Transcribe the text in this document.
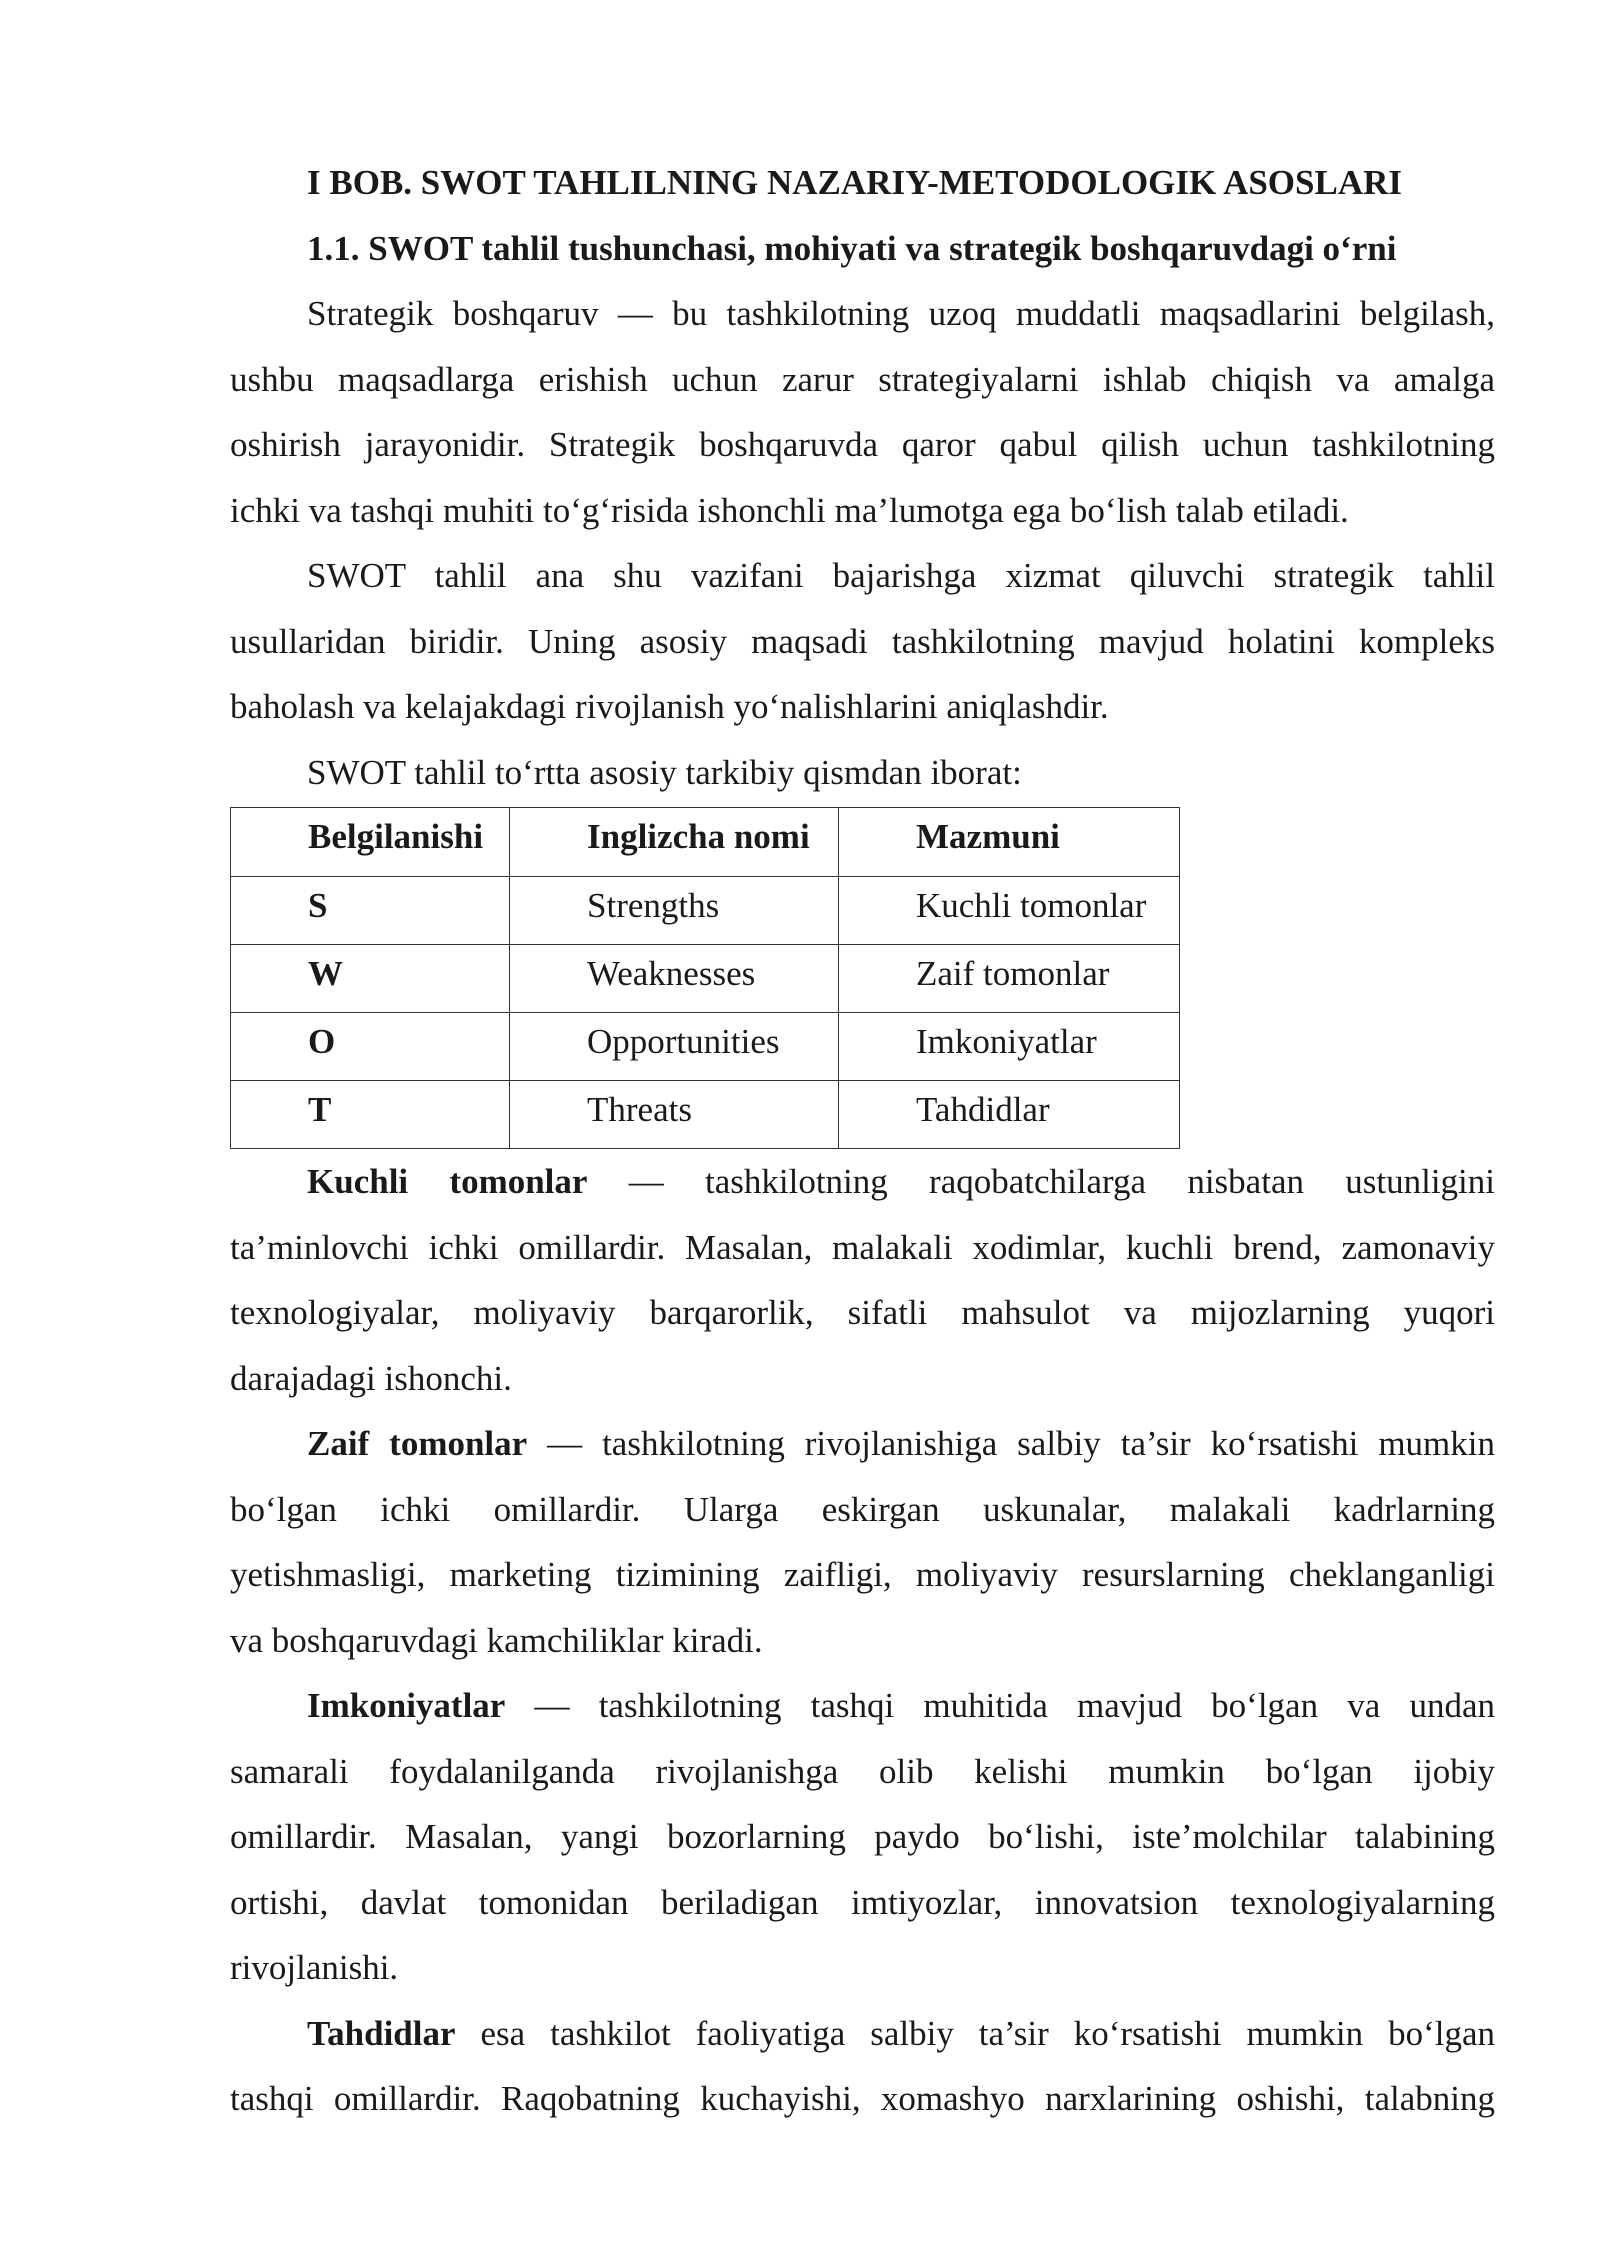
I BOB. SWOT TAHLILNING NAZARIY-METODOLOGIK ASOSLARI
1.1. SWOT tahlil tushunchasi, mohiyati va strategik boshqaruvdagi o‘rni
Strategik boshqaruv — bu tashkilotning uzoq muddatli maqsadlarini belgilash,
ushbu maqsadlarga erishish uchun zarur strategiyalarni ishlab chiqish va amalga
oshirish jarayonidir. Strategik boshqaruvda qaror qabul qilish uchun tashkilotning
ichki va tashqi muhiti to‘g‘risida ishonchli ma’lumotga ega bo‘lish talab etiladi.
SWOT tahlil ana shu vazifani bajarishga xizmat qiluvchi strategik tahlil
usullaridan biridir. Uning asosiy maqsadi tashkilotning mavjud holatini kompleks
baholash va kelajakdagi rivojlanish yo‘nalishlarini aniqlashdir.
SWOT tahlil to‘rtta asosiy tarkibiy qismdan iborat:
Belgilanishi	Inglizcha nomi	Mazmuni

S	Strengths	Kuchli tomonlar

W	Weaknesses	Zaif tomonlar

O	Opportunities	Imkoniyatlar

T	Threats	Tahdidlar
Kuchli tomonlar — tashkilotning raqobatchilarga nisbatan ustunligini
ta’minlovchi ichki omillardir. Masalan, malakali xodimlar, kuchli brend, zamonaviy
texnologiyalar, moliyaviy barqarorlik, sifatli mahsulot va mijozlarning yuqori
darajadagi ishonchi.
Zaif tomonlar — tashkilotning rivojlanishiga salbiy ta’sir ko‘rsatishi mumkin
bo‘lgan ichki omillardir. Ularga eskirgan uskunalar, malakali kadrlarning
yetishmasligi, marketing tizimining zaifligi, moliyaviy resurslarning cheklanganligi
va boshqaruvdagi kamchiliklar kiradi.
Imkoniyatlar — tashkilotning tashqi muhitida mavjud bo‘lgan va undan
samarali foydalanilganda rivojlanishga olib kelishi mumkin bo‘lgan ijobiy
omillardir. Masalan, yangi bozorlarning paydo bo‘lishi, iste’molchilar talabining
ortishi, davlat tomonidan beriladigan imtiyozlar, innovatsion texnologiyalarning
rivojlanishi.
Tahdidlar esa tashkilot faoliyatiga salbiy ta’sir ko‘rsatishi mumkin bo‘lgan
tashqi omillardir. Raqobatning kuchayishi, xomashyo narxlarining oshishi, talabning
